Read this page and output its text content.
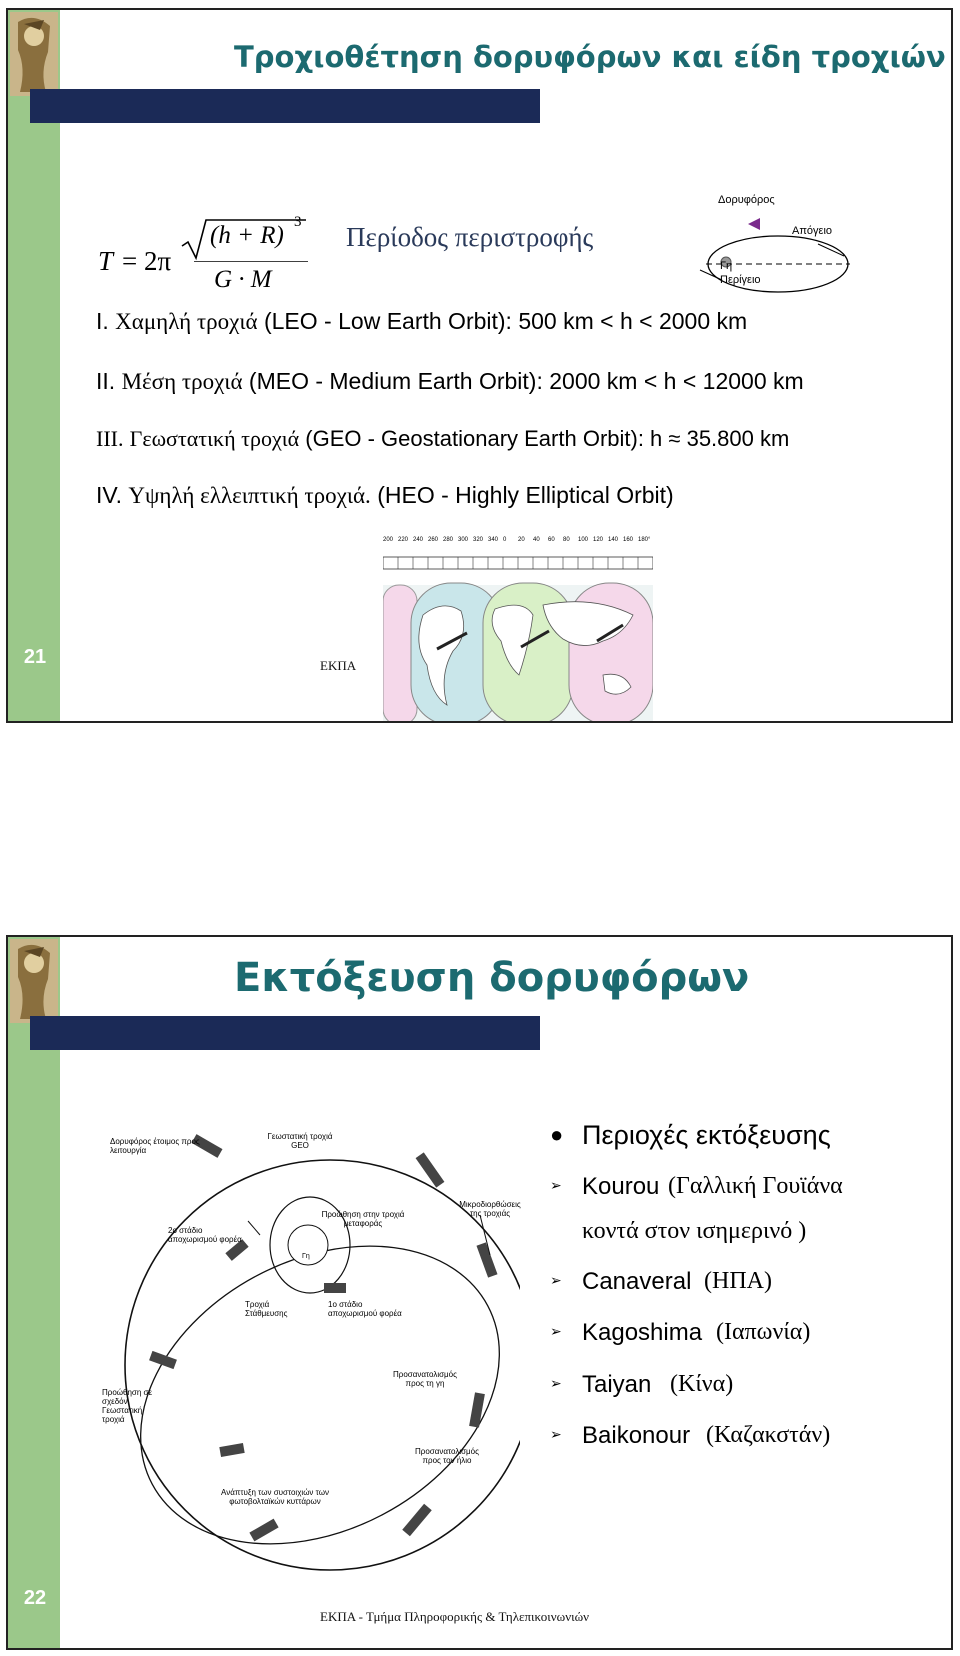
Τροχιοθέτηση δορυφόρων και είδη τροχιών
T = 2π
(h + R) 3
G · M
Περίοδος περιστροφής
Δορυφόρος
Απόγειο
Γη
Περίγειο
I. Χαμηλή τροχιά (LEO - Low Earth Orbit): 500 km < h < 2000 km
II. Μέση τροχιά (MEO - Medium Earth Orbit): 2000 km < h < 12000 km
III. Γεωστατική τροχιά (GEO - Geostationary Earth Orbit): h ≈ 35.800 km
IV. Υψηλή ελλειπτική τροχιά. (HEO - Highly Elliptical Orbit)
200 220 240 260 280 300 320 340 0 20 40 60 80 100 120 140 160 180°
21	ΕΚΠΑ
Εκτόξευση δορυφόρων
22
ΕΚΠΑ - Τμήμα Πληροφορικής & Τηλεπικοινωνιών
Δορυφόρος έτοιμος προς λειτουργία
Γεωστατική τροχιά GEO
Μικροδιορθώσεις της τροχιάς
Προώθηση στην τροχιά μεταφοράς
2ο στάδιο αποχωρισμού φορέα
Γη
Τροχιά Στάθμευσης
1ο στάδιο αποχωρισμού φορέα
Προσανατολισμός προς τη γη
Προώθηση σε σχεδόν Γεωστατική τροχιά
Προσανατολισμός προς τον ήλιο
Ανάπτυξη των συστοιχιών των φωτοβολταϊκών κυττάρων
● Περιοχές εκτόξευσης
➢ Kourou (Γαλλική Γουϊάνα
κοντά στον ισημερινό )
➢ Canaveral (ΗΠΑ)
➢ Kagoshima (Ιαπωνία)
➢ Taiyan (Κίνα)
➢ Baikonour (Καζακστάν)
